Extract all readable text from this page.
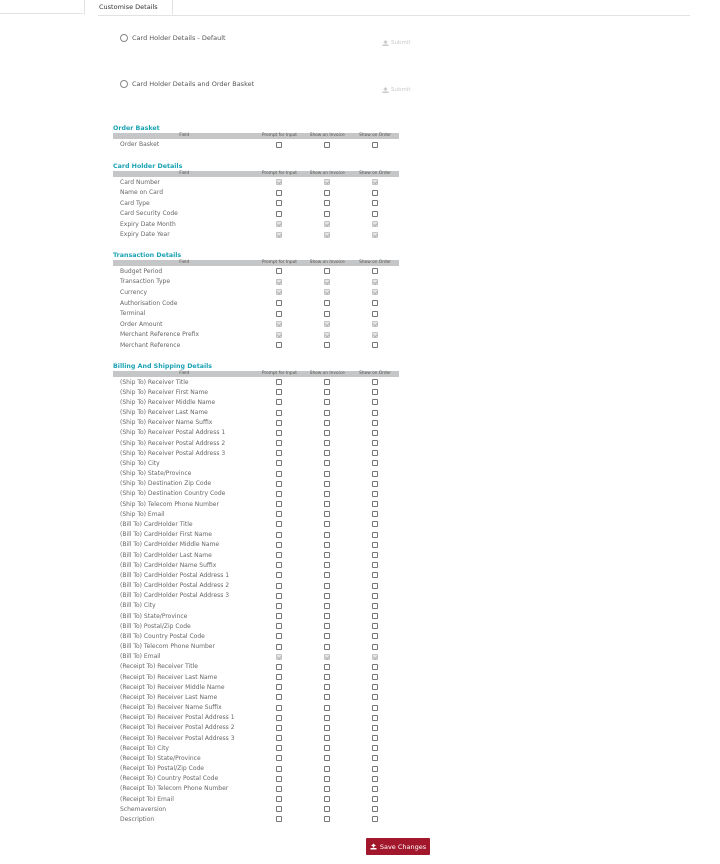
Customise Details
Card Holder Details - Default
Submit
Card Holder Details and Order Basket
Submit
Order Basket
Field	Prompt for Input	Show on Invoice	Show on Order
Order Basket
Card Holder Details
Field	Prompt for Input	Show on Invoice	Show on Order
Card Number
Name on Card
Card Type
Card Security Code
Expiry Date Month
Expiry Date Year
Transaction Details
Field	Prompt for Input	Show on Invoice	Show on Order
Budget Period
Transaction Type
Currency
Authorisation Code
Terminal
Order Amount
Merchant Reference Prefix
Merchant Reference
Billing And Shipping Details
Field	Prompt for Input	Show on Invoice	Show on Order
(Ship To) Receiver Title
(Ship To) Receiver First Name
(Ship To) Receiver Middle Name
(Ship To) Receiver Last Name
(Ship To) Receiver Name Suffix
(Ship To) Receiver Postal Address 1
(Ship To) Receiver Postal Address 2
(Ship To) Receiver Postal Address 3
(Ship To) City
(Ship To) State/Province
(Ship To) Destination Zip Code
(Ship To) Destination Country Code
(Ship To) Telecom Phone Number
(Ship To) Email
(Bill To) CardHolder Title
(Bill To) CardHolder First Name
(Bill To) CardHolder Middle Name
(Bill To) CardHolder Last Name
(Bill To) CardHolder Name Suffix
(Bill To) CardHolder Postal Address 1
(Bill To) CardHolder Postal Address 2
(Bill To) CardHolder Postal Address 3
(Bill To) City
(Bill To) State/Province
(Bill To) Postal/Zip Code
(Bill To) Country Postal Code
(Bill To) Telecom Phone Number
(Bill To) Email
(Receipt To) Receiver Title
(Receipt To) Receiver Last Name
(Receipt To) Receiver Middle Name
(Receipt To) Receiver Last Name
(Receipt To) Receiver Name Suffix
(Receipt To) Receiver Postal Address 1
(Receipt To) Receiver Postal Address 2
(Receipt To) Receiver Postal Address 3
(Receipt To) City
(Receipt To) State/Province
(Receipt To) Postal/Zip Code
(Receipt To) Country Postal Code
(Receipt To) Telecom Phone Number
(Receipt To) Email
Schemaversion
Description
Save Changes
